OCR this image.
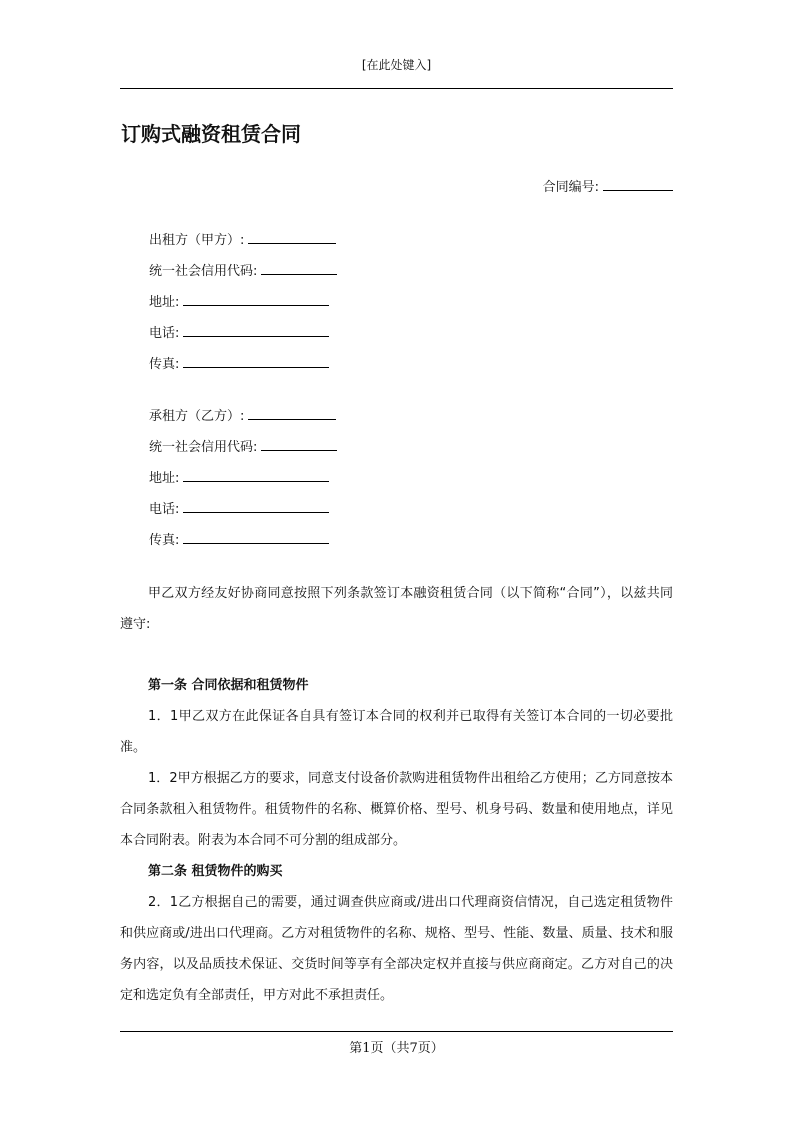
[在此处键入]
订购式融资租赁合同
合同编号:
出租方（甲方）:
统一社会信用代码:
地址:
电话:
传真:
承租方（乙方）:
统一社会信用代码:
地址:
电话:
传真:

甲乙双方经友好协商同意按照下列条款签订本融资租赁合同（以下简称“合同”），以兹共同遵守:

第一条 合同依据和租赁物件

1．1甲乙双方在此保证各自具有签订本合同的权利并已取得有关签订本合同的一切必要批准。

1．2甲方根据乙方的要求，同意支付设备价款购进租赁物件出租给乙方使用；乙方同意按本合同条款租入租赁物件。租赁物件的名称、概算价格、型号、机身号码、数量和使用地点，详见本合同附表。附表为本合同不可分割的组成部分。

第二条 租赁物件的购买

2．1乙方根据自己的需要，通过调查供应商或/进出口代理商资信情况，自己选定租赁物件和供应商或/进出口代理商。乙方对租赁物件的名称、规格、型号、性能、数量、质量、技术和服务内容，以及品质技术保证、交货时间等享有全部决定权并直接与供应商商定。乙方对自己的决定和选定负有全部责任，甲方对此不承担责任。

第1页（共7页）
